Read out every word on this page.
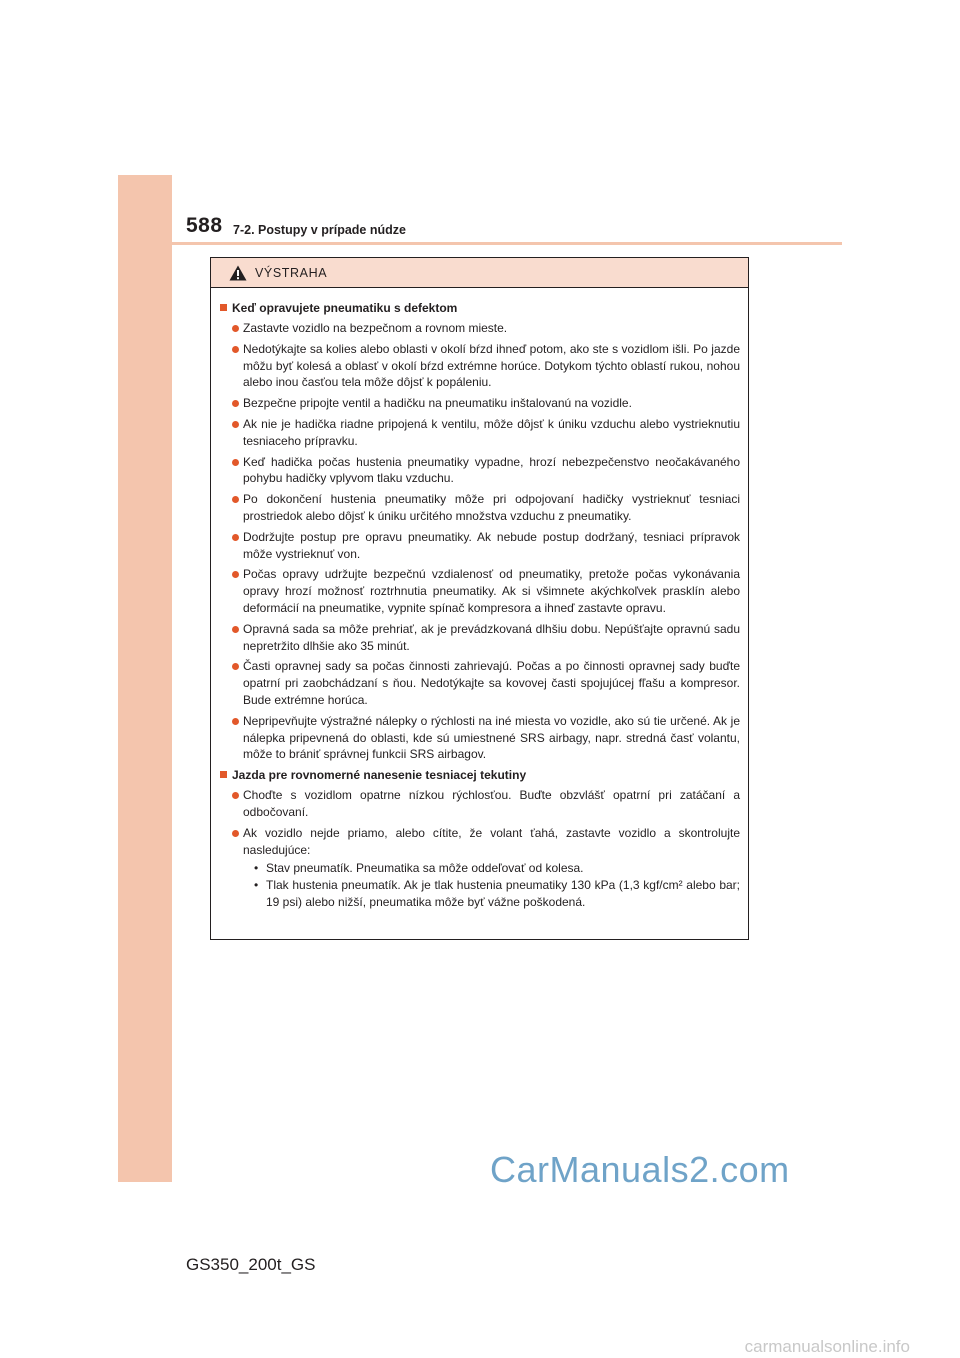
588 7-2. Postupy v prípade núdze
VÝSTRAHA
Keď opravujete pneumatiku s defektom
Zastavte vozidlo na bezpečnom a rovnom mieste.
Nedotýkajte sa kolies alebo oblasti v okolí bŕzd ihneď potom, ako ste s vozidlom išli. Po jazde môžu byť kolesá a oblasť v okolí bŕzd extrémne horúce. Dotykom týchto oblastí rukou, nohou alebo inou časťou tela môže dôjsť k popáleniu.
Bezpečne pripojte ventil a hadičku na pneumatiku inštalovanú na vozidle.
Ak nie je hadička riadne pripojená k ventilu, môže dôjsť k úniku vzduchu alebo vystrieknutiu tesniaceho prípravku.
Keď hadička počas hustenia pneumatiky vypadne, hrozí nebezpečenstvo neočakávaného pohybu hadičky vplyvom tlaku vzduchu.
Po dokončení hustenia pneumatiky môže pri odpojovaní hadičky vystrieknuť tesniaci prostriedok alebo dôjsť k úniku určitého množstva vzduchu z pneumatiky.
Dodržujte postup pre opravu pneumatiky. Ak nebude postup dodržaný, tesniaci prípravok môže vystrieknuť von.
Počas opravy udržujte bezpečnú vzdialenosť od pneumatiky, pretože počas vykonávania opravy hrozí možnosť roztrhnutia pneumatiky. Ak si všimnete akýchkoľvek prasklín alebo deformácií na pneumatike, vypnite spínač kompresora a ihneď zastavte opravu.
Opravná sada sa môže prehriať, ak je prevádzkovaná dlhšiu dobu. Nepúšťajte opravnú sadu nepretržito dlhšie ako 35 minút.
Časti opravnej sady sa počas činnosti zahrievajú. Počas a po činnosti opravnej sady buďte opatrní pri zaobchádzaní s ňou. Nedotýkajte sa kovovej časti spojujúcej fľašu a kompresor. Bude extrémne horúca.
Nepripevňujte výstražné nálepky o rýchlosti na iné miesta vo vozidle, ako sú tie určené. Ak je nálepka pripevnená do oblasti, kde sú umiestnené SRS airbagy, napr. stredná časť volantu, môže to brániť správnej funkcii SRS airbagov.
Jazda pre rovnomerné nanesenie tesniacej tekutiny
Choďte s vozidlom opatrne nízkou rýchlosťou. Buďte obzvlášť opatrní pri zatáčaní a odbočovaní.
Ak vozidlo nejde priamo, alebo cítite, že volant ťahá, zastavte vozidlo a skontrolujte nasledujúce:
• Stav pneumatík. Pneumatika sa môže oddeľovať od kolesa.
• Tlak hustenia pneumatík. Ak je tlak hustenia pneumatiky 130 kPa (1,3 kgf/cm² alebo bar; 19 psi) alebo nižší, pneumatika môže byť vážne poškodená.
CarManuals2.com
GS350_200t_GS
carmanualsonline.info
